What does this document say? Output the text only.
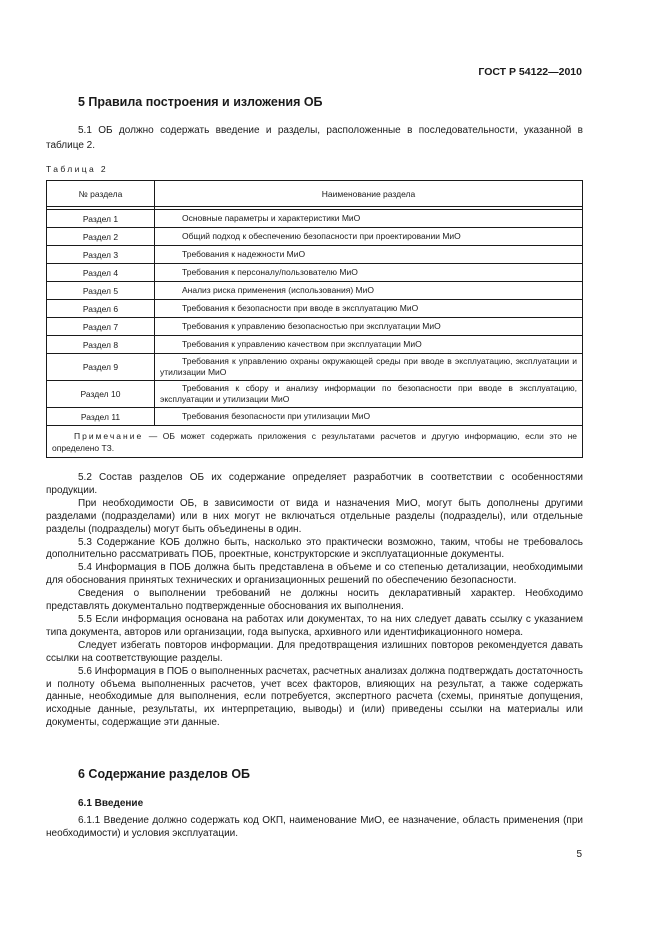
ГОСТ Р 54122—2010
5 Правила построения и изложения ОБ
5.1 ОБ должно содержать введение и разделы, расположенные в последовательности, указанной в таблице 2.
Таблица 2
№ раздела	Наименование раздела

Раздел 1	Основные параметры и характеристики МиО
Раздел 2	Общий подход к обеспечению безопасности при проектировании МиО
Раздел 3	Требования к надежности МиО
Раздел 4	Требования к персоналу/пользователю МиО
Раздел 5	Анализ риска применения (использования) МиО
Раздел 6	Требования к безопасности при вводе в эксплуатацию МиО
Раздел 7	Требования к управлению безопасностью при эксплуатации МиО
Раздел 8	Требования к управлению качеством при эксплуатации МиО
Раздел 9	Требования к управлению охраны окружающей среды при вводе в эксплуатацию, эксплуатации и утилизации МиО
Раздел 10	Требования к сбору и анализу информации по безопасности при вводе в эксплуатацию, эксплуатации и утилизации МиО
Раздел 11	Требования безопасности при утилизации МиО
Примечание — ОБ может содержать приложения с результатами расчетов и другую информацию, если это не определено ТЗ.	

5.2 Состав разделов ОБ их содержание определяет разработчик в соответствии с особенностями продукции.

При необходимости ОБ, в зависимости от вида и назначения МиО, могут быть дополнены другими разделами (подразделами) или в них могут не включаться отдельные разделы (подразделы), или отдельные разделы (подразделы) могут быть объединены в один.

5.3 Содержание КОБ должно быть, насколько это практически возможно, таким, чтобы не требовалось дополнительно рассматривать ПОБ, проектные, конструкторские и эксплуатационные документы.

5.4 Информация в ПОБ должна быть представлена в объеме и со степенью детализации, необходимыми для обоснования принятых технических и организационных решений по обеспечению безопасности.

Сведения о выполнении требований не должны носить декларативный характер. Необходимо представлять документально подтвержденные обоснования их выполнения.

5.5 Если информация основана на работах или документах, то на них следует давать ссылку с указанием типа документа, авторов или организации, года выпуска, архивного или идентификационного номера.

Следует избегать повторов информации. Для предотвращения излишних повторов рекомендуется давать ссылки на соответствующие разделы.

5.6 Информация в ПОБ о выполненных расчетах, расчетных анализах должна подтверждать достаточность и полноту объема выполненных расчетов, учет всех факторов, влияющих на результат, а также содержать данные, необходимые для выполнения, если потребуется, экспертного расчета (схемы, принятые допущения, исходные данные, результаты, их интерпретацию, выводы) и (или) приведены ссылки на материалы или документы, содержащие эти данные.

6 Содержание разделов ОБ
6.1 Введение

6.1.1 Введение должно содержать код ОКП, наименование МиО, ее назначение, область применения (при необходимости) и условия эксплуатации.

5
